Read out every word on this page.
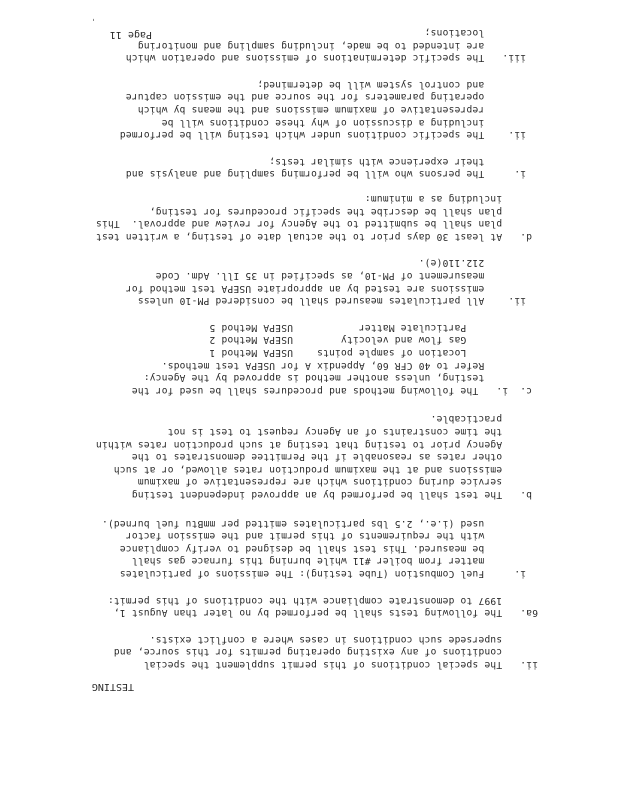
'
Page 11
ii.   The special conditions of this permit supplement the special
conditions of any existing operating permits for this source, and
supersede such conditions in cases where a conflict exists.
6a.   The following tests shall be performed by no later than August 1,
1997 to demonstrate compliance with the conditions of this permit:
i.     Fuel Combustion (Tube testing): The emissions of particulates
matter from boiler #11 while burning this furnace gas shall
be measured. This test shall be designed to verify compliance
with the requirements of this permit and the emission factor
used (i.e., 2.5 lbs particulates emitted per mmBtu fuel burned).
b.   The test shall be performed by an approved independent testing
service during conditions which are representative of maximum
emissions and at the maximum production rates allowed, or at such
other rates as reasonable if the Permittee demonstrates to the
Agency prior to testing that testing at such production rates within
the time constraints of an Agency request to test is not
practicable.
c.  i.   The following methods and procedures shall be used for the
testing, unless another method is approved by the Agency:
Refer to 40 CFR 60, Appendix A for USEPA test methods.
Location of sample points    USEPA Method 1
Gas flow and velocity        USEPA Method 2
Particulate Matter           USEPA Method 5
ii.    All particulates measured shall be considered PM-10 unless
emissions are tested by an appropriate USEPA test method for
measurement of PM-10, as specified in 35 Ill. Adm. Code
212.110(e).
d.   At least 30 days prior to the actual date of testing, a written test
plan shall be submitted to the Agency for review and approval.  This
plan shall be describe the specific procedures for testing,
including as a minimum:
i.     The persons who will be performing sampling and analysis and
their experience with similar tests;
ii.    The specific conditions under which testing will be performed
including a discussion of why these conditions will be
representative of maximum emissions and the means by which
operating parameters for the source and the emission capture
and control system will be determined;
iii.   The specific determinations of emissions and operation which
are intended to be made, including sampling and monitoring
locations;
TESTING
